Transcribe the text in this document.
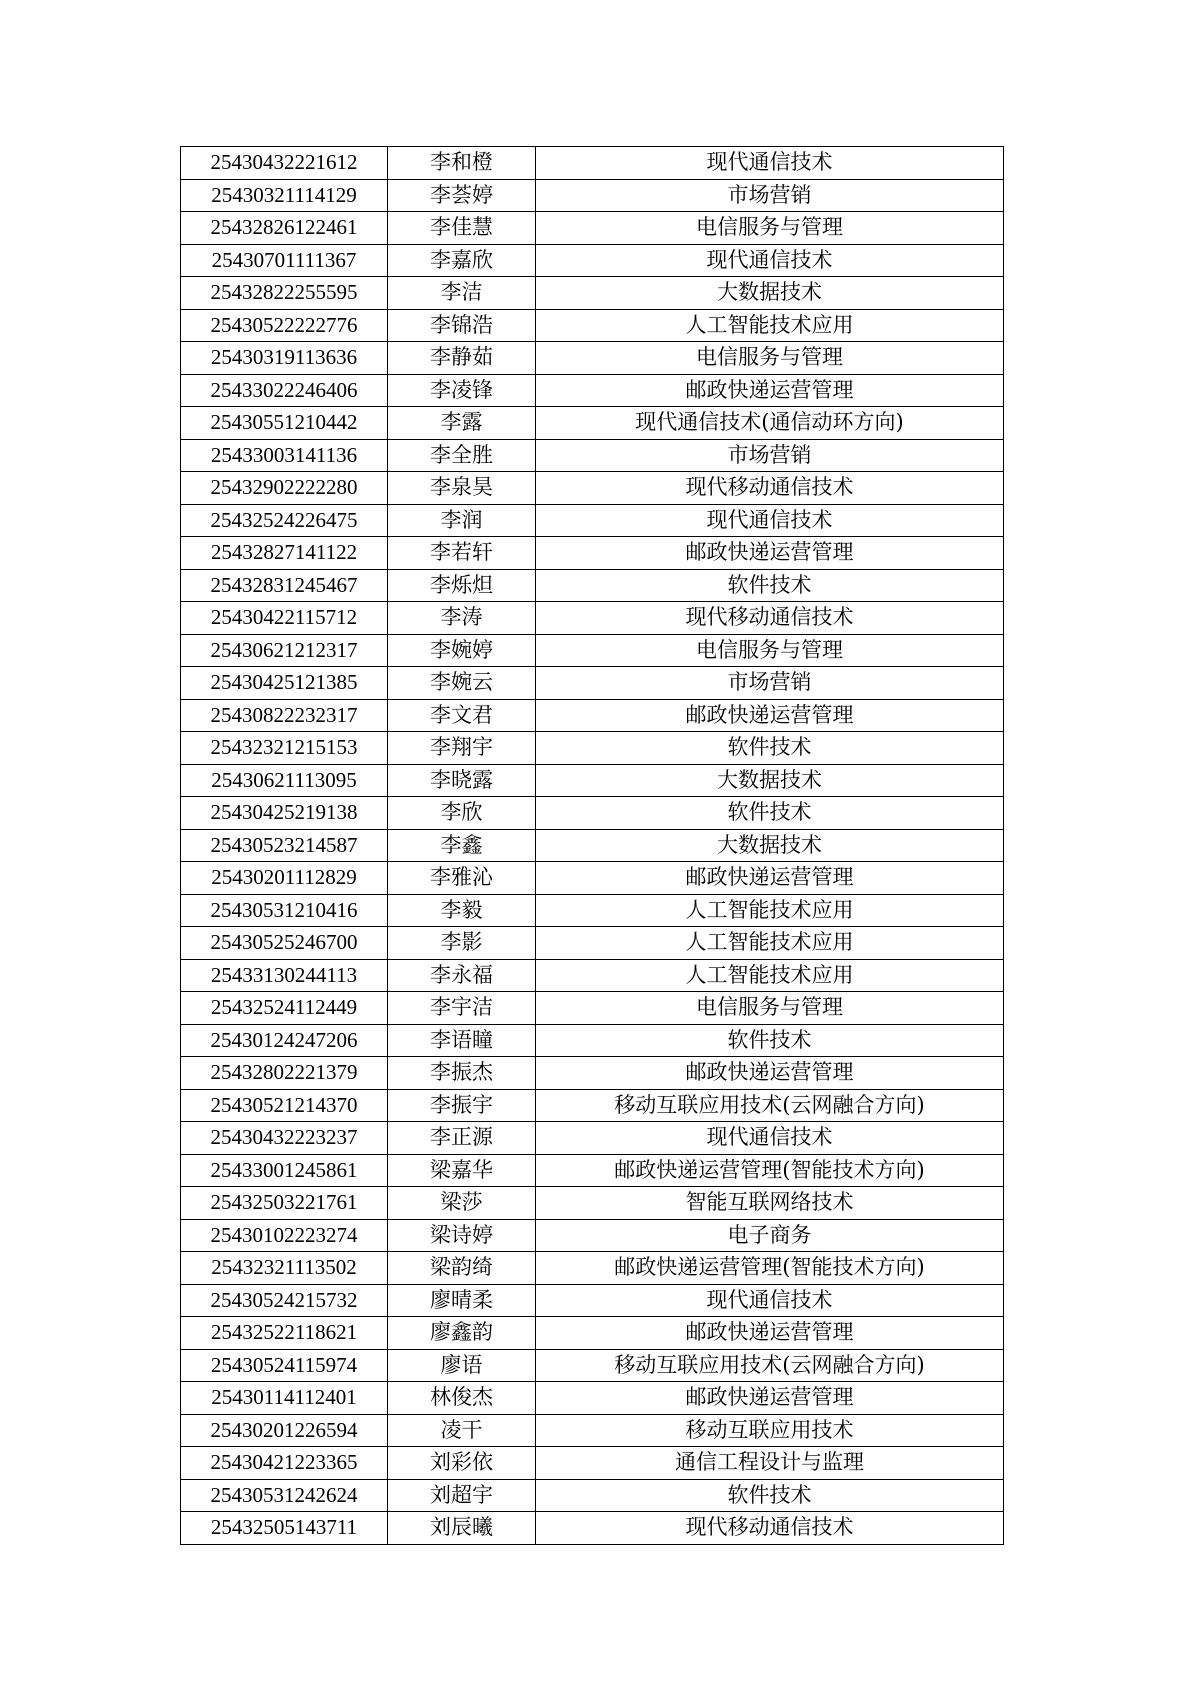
25430432221612	李和橙	现代通信技术
25430321114129	李荟婷	市场营销
25432826122461	李佳慧	电信服务与管理
25430701111367	李嘉欣	现代通信技术
25432822255595	李洁	大数据技术
25430522222776	李锦浩	人工智能技术应用
25430319113636	李静茹	电信服务与管理
25433022246406	李凌锋	邮政快递运营管理
25430551210442	李露	现代通信技术(通信动环方向)
25433003141136	李全胜	市场营销
25432902222280	李泉昊	现代移动通信技术
25432524226475	李润	现代通信技术
25432827141122	李若轩	邮政快递运营管理
25432831245467	李烁炟	软件技术
25430422115712	李涛	现代移动通信技术
25430621212317	李婉婷	电信服务与管理
25430425121385	李婉云	市场营销
25430822232317	李文君	邮政快递运营管理
25432321215153	李翔宇	软件技术
25430621113095	李晓露	大数据技术
25430425219138	李欣	软件技术
25430523214587	李鑫	大数据技术
25430201112829	李雅沁	邮政快递运营管理
25430531210416	李毅	人工智能技术应用
25430525246700	李影	人工智能技术应用
25433130244113	李永福	人工智能技术应用
25432524112449	李宇洁	电信服务与管理
25430124247206	李语瞳	软件技术
25432802221379	李振杰	邮政快递运营管理
25430521214370	李振宇	移动互联应用技术(云网融合方向)
25430432223237	李正源	现代通信技术
25433001245861	梁嘉华	邮政快递运营管理(智能技术方向)
25432503221761	梁莎	智能互联网络技术
25430102223274	梁诗婷	电子商务
25432321113502	梁韵绮	邮政快递运营管理(智能技术方向)
25430524215732	廖晴柔	现代通信技术
25432522118621	廖鑫韵	邮政快递运营管理
25430524115974	廖语	移动互联应用技术(云网融合方向)
25430114112401	林俊杰	邮政快递运营管理
25430201226594	凌干	移动互联应用技术
25430421223365	刘彩依	通信工程设计与监理
25430531242624	刘超宇	软件技术
25432505143711	刘辰曦	现代移动通信技术
